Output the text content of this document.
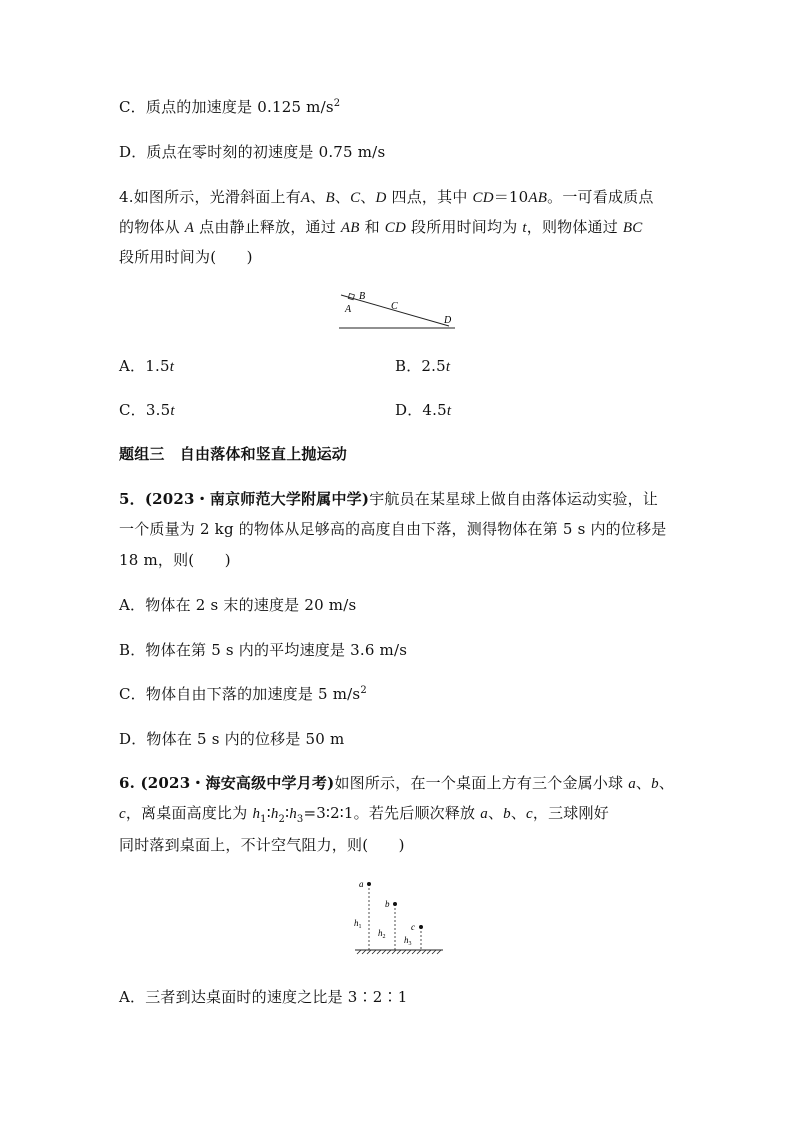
C．质点的加速度是 0.125 $m/s^2$
D．质点在零时刻的初速度是 0.75 m/s
4.如图所示，光滑斜面上有A、B、C、D 四点，其中 CD＝10AB。一可看成质点
的物体从 A 点由静止释放，通过 AB 和 CD 段所用时间均为 t，则物体通过 BC
段所用时间为(　　)
A
B
C
D
A．1.5t	B．2.5t
C．3.5t	D．4.5t
题组三　自由落体和竖直上抛运动
5．(2023・南京师范大学附属中学)宇航员在某星球上做自由落体运动实验，让
一个质量为 2 kg 的物体从足够高的高度自由下落，测得物体在第 5 s 内的位移是
18 m，则(　　)
A．物体在 2 s 末的速度是 20 m/s
B．物体在第 5 s 内的平均速度是 3.6 m/s
C．物体自由下落的加速度是 5 $m/s^2$
D．物体在 5 s 内的位移是 50 m
6. (2023・海安高级中学月考)如图所示，在一个桌面上方有三个金属小球 a、b、
c，离桌面高度比为 $h_1∶h_2∶h_3=3∶2∶1$。若先后顺次释放 a、b、c，三球刚好
同时落到桌面上，不计空气阻力，则(　　)
a
b
c
$h_1$
$h_2$ $h_3$
A．三者到达桌面时的速度之比是 3∶2∶1
